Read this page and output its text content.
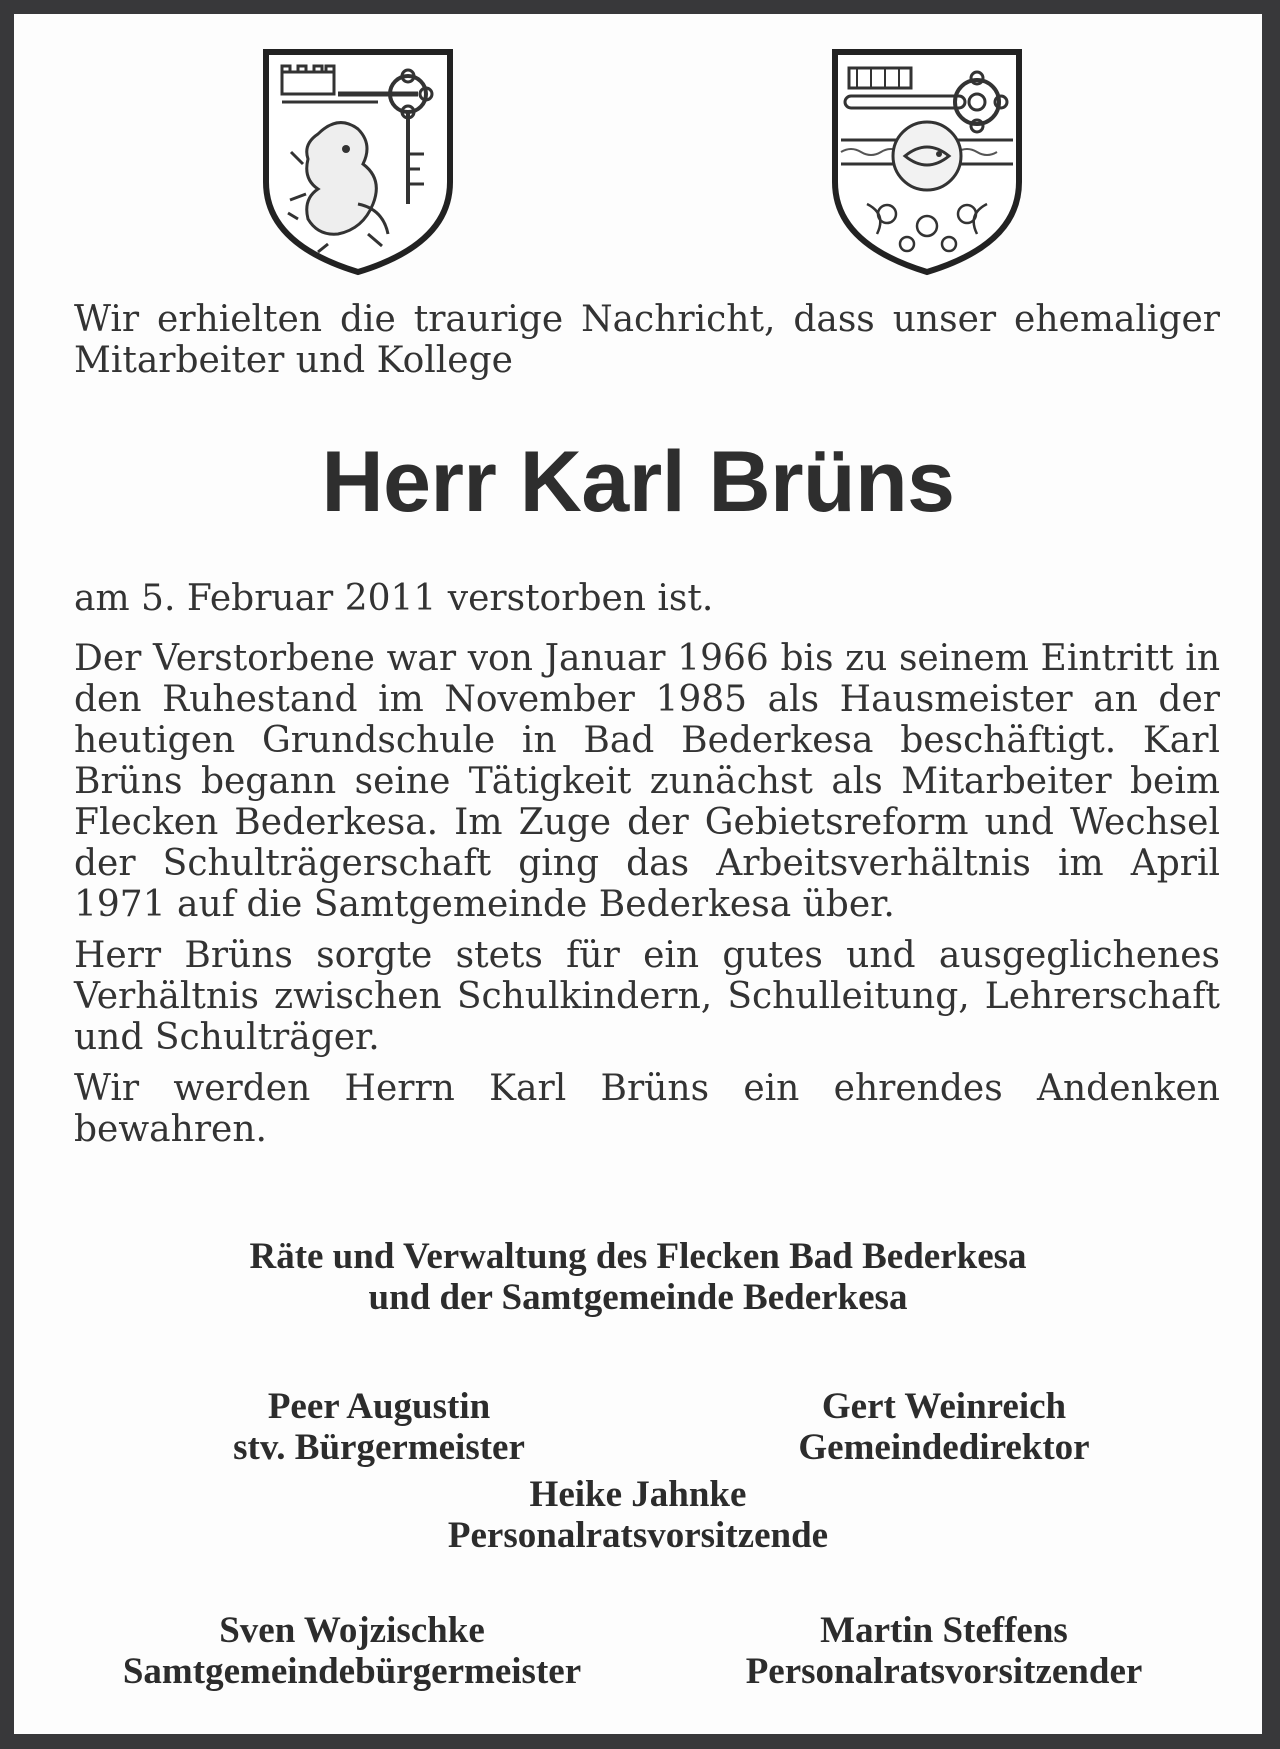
Wir erhielten die traurige Nachricht, dass unser ehemaliger Mitarbeiter und Kollege
Herr Karl Brüns
am 5. Februar 2011 verstorben ist.

Der Verstorbene war von Januar 1966 bis zu seinem Eintritt in den Ruhestand im November 1985 als Hausmeister an der heutigen Grundschule in Bad Bederkesa beschäftigt. Karl Brüns begann seine Tätigkeit zunächst als Mitarbeiter beim Flecken Bederkesa. Im Zuge der Gebietsreform und Wechsel der Schulträgerschaft ging das Arbeitsverhältnis im April 1971 auf die Samtgemeinde Bederkesa über.

Herr Brüns sorgte stets für ein gutes und ausgeglichenes Verhältnis zwischen Schulkindern, Schulleitung, Lehrerschaft und Schulträger.

Wir werden Herrn Karl Brüns ein ehrendes Andenken bewahren.

Räte und Verwaltung des Flecken Bad Bederkesa
und der Samtgemeinde Bederkesa
Peer Augustin
stv. Bürgermeister
Gert Weinreich
Gemeindedirektor
Heike Jahnke
Personalratsvorsitzende
Sven Wojzischke
Samtgemeindebürgermeister
Martin Steffens
Personalratsvorsitzender
